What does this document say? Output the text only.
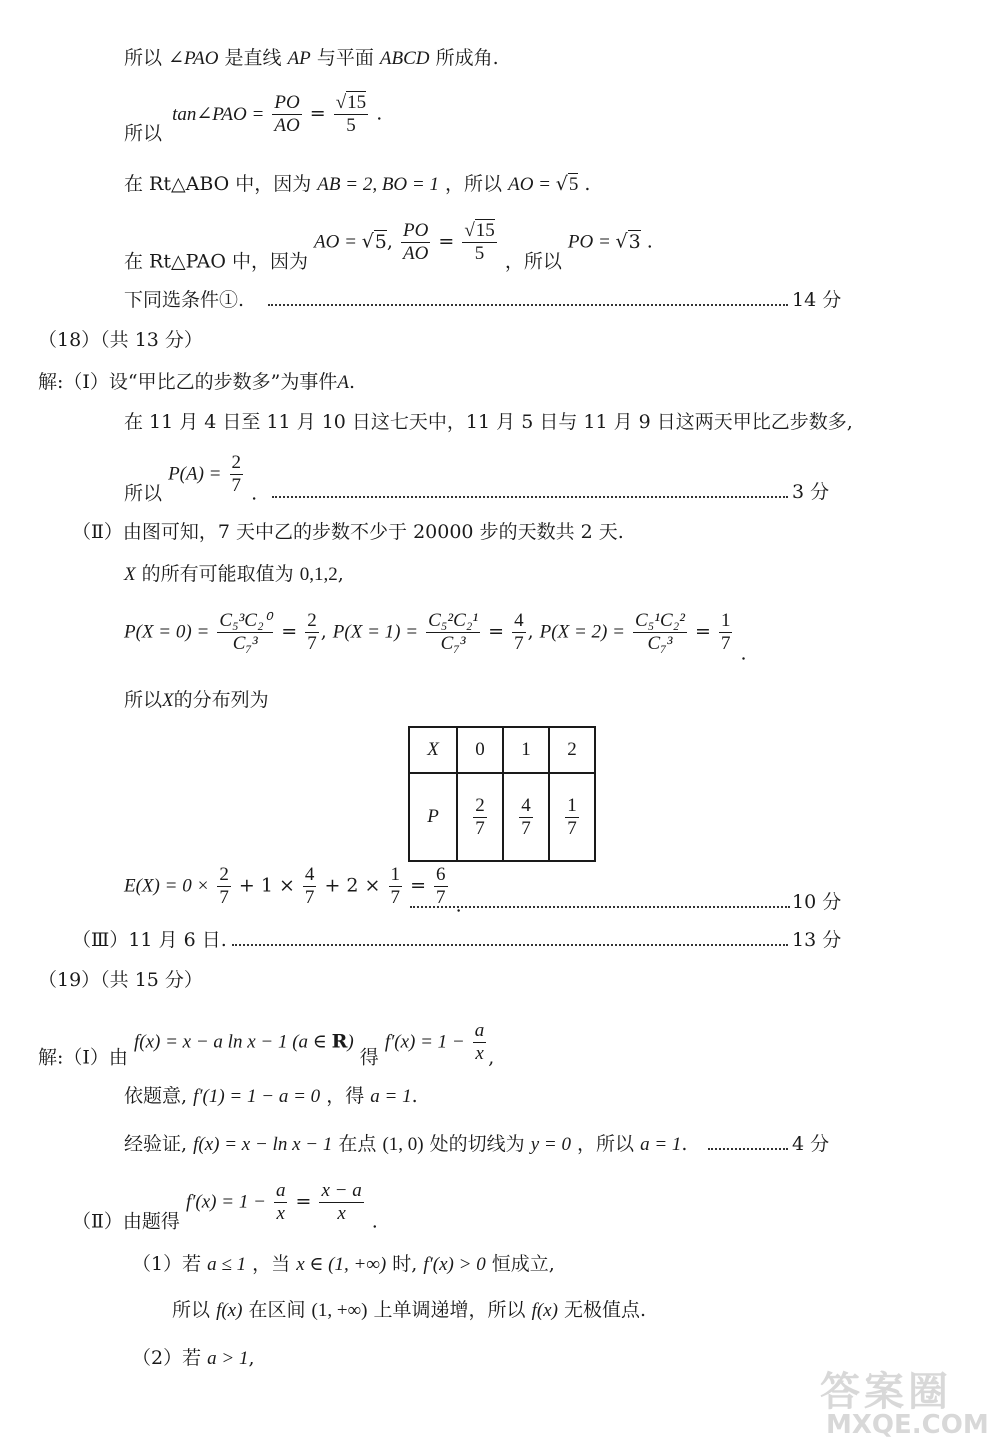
所以 ∠PAO 是直线 AP 与平面 ABCD 所成角.
所以 tan∠PAO = $\frac{PO}{AO} = \frac{√15}{5}$ .
在 Rt△ABO 中，因为 AB = 2, BO = 1 ，所以 AO = √5 .
在 Rt△PAO 中，因为 AO = √5, $\frac{PO}{AO} = \frac{√15}{5}$ ，所以 PO = √3 .
下同选条件①.	14 分
（18）（共 13 分）
解:（Ⅰ）设“甲比乙的步数多”为事件A.
在 11 月 4 日至 11 月 10 日这七天中，11 月 5 日与 11 月 9 日这两天甲比乙步数多,
所以 $P(A) = \frac{2}{7}$ .	3 分
（Ⅱ）由图可知，7 天中乙的步数不少于 20000 步的天数共 2 天.
X 的所有可能取值为 0,1,2,
$P(X = 0) = \frac{\text{C₅³C₂⁰}}{\text{C₇³}} = \frac{2}{7}$ , $P(X = 1) = \frac{\text{C₅²C₂¹}}{\text{C₇³}} = \frac{4}{7}$ , $P(X = 2) = \frac{\text{C₅¹C₂²}}{\text{C₇³}} = \frac{1}{7}$ .
所以X的分布列为
X	0	1	2
P	$\frac{2}{7}$	$\frac{4}{7}$	$\frac{1}{7}$
$E(X) = 0 \times \frac{2}{7} + 1 \times \frac{4}{7} + 2 \times \frac{1}{7} = \frac{6}{7}$ .	10 分
（Ⅲ）11 月 6 日.	13 分
（19）（共 15 分）
解:（Ⅰ）由 f(x) = x − a ln x − 1 (a ∈ R) 得 $f'(x) = 1 - \frac{a}{x}$ ,
依题意, f′(1) = 1 − a = 0 ，得 a = 1.
经验证, f(x) = x − ln x − 1 在点 (1, 0) 处的切线为 y = 0 ，所以 a = 1.	4 分
（Ⅱ）由题得 $f'(x) = 1 - \frac{a}{x} = \frac{x - a}{x}$ .
（1）若 a ≤ 1 ，当 x ∈ (1, +∞) 时, f′(x) > 0 恒成立,
所以 f(x) 在区间 (1, +∞) 上单调递增，所以 f(x) 无极值点.
（2）若 a > 1,
答案圈
MXQE.COM
